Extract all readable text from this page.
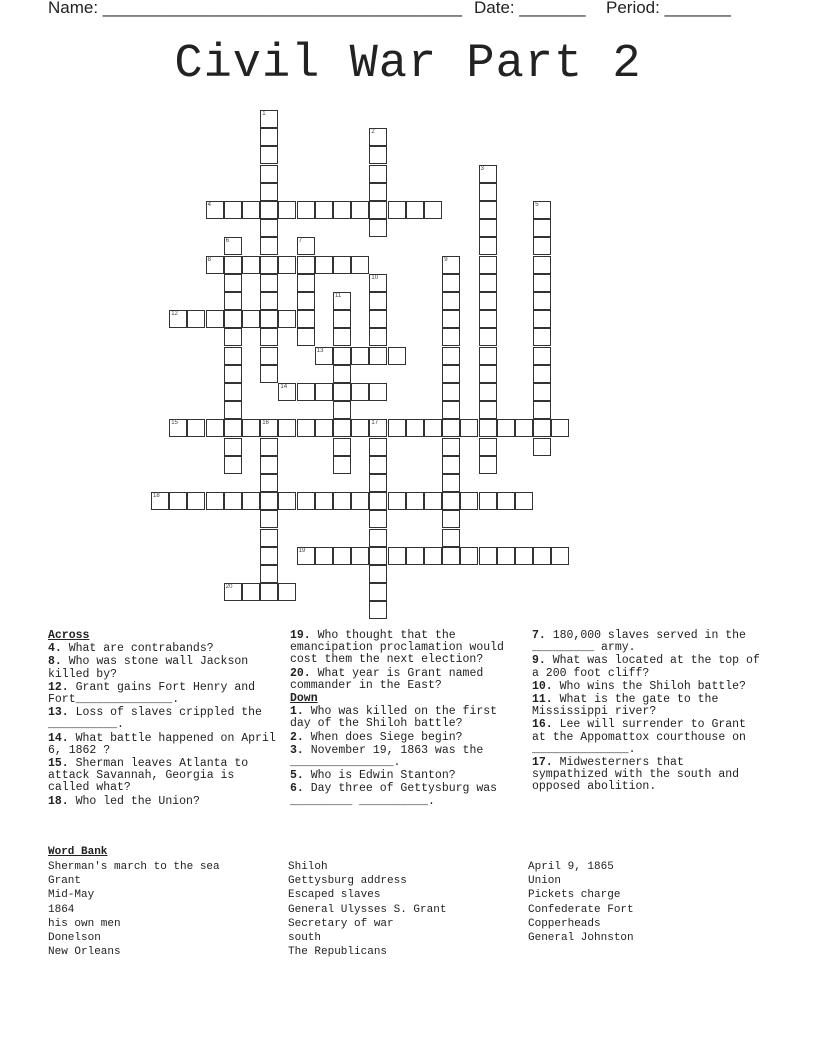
Name: ______________________________________ Date: _______ Period: _______
Civil War Part 2
1
2
3
4	5
6	7
8	9
10
11
12
13
14
15	16	17
18
19
20
Across
4. What are contrabands?
8. Who was stone wall Jackson killed by?
12. Grant gains Fort Henry and Fort______________.
13. Loss of slaves crippled the __________.
14. What battle happened on April 6, 1862 ?
15. Sherman leaves Atlanta to attack Savannah, Georgia is called what?
18. Who led the Union?
19. Who thought that the emancipation proclamation would cost them the next election?
20. What year is Grant named commander in the East?
Down
1. Who was killed on the first day of the Shiloh battle?
2. When does Siege begin?
3. November 19, 1863 was the _______________.
5. Who is Edwin Stanton?
6. Day three of Gettysburg was _________ __________.
7. 180,000 slaves served in the _________ army.
9. What was located at the top of a 200 foot cliff?
10. Who wins the Shiloh battle?
11. What is the gate to the Mississippi river?
16. Lee will surrender to Grant at the Appomattox courthouse on ______________.
17. Midwesterners that sympathized with the south and opposed abolition.
Word Bank
Sherman's march to the sea
Grant
Mid-May
1864
his own men
Donelson
New Orleans
Shiloh
Gettysburg address
Escaped slaves
General Ulysses S. Grant
Secretary of war
south
The Republicans
April 9, 1865
Union
Pickets charge
Confederate Fort
Copperheads
General Johnston
